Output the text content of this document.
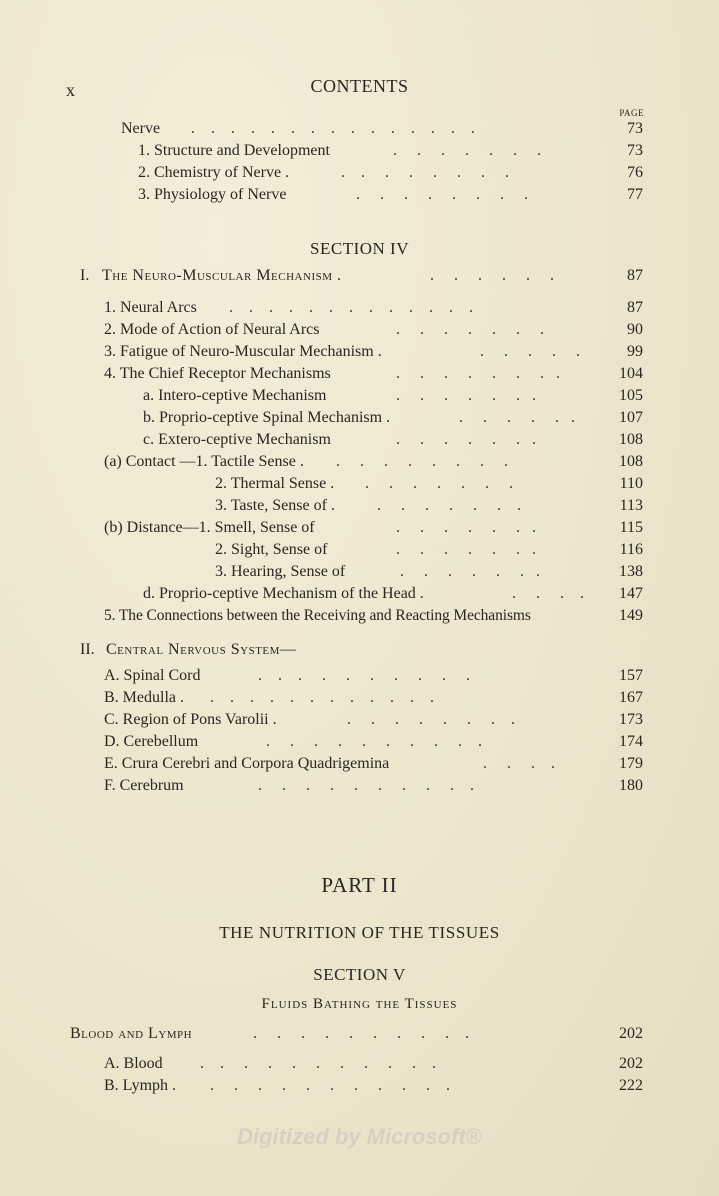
x	CONTENTS
PAGE
Nerve .    .    .    .    .    .    .    .    .    .    .    .    .    .    .	73
1. Structure and Development	.     .     .     .     .     .     .	73
2. Chemistry of Nerve .	.    .     .     .     .     .     .     .	76
3. Physiology of Nerve	.     .     .     .     .     .     .     .	77
SECTION IV
I. The Neuro-Muscular Mechanism .	.     .     .     .     .     .	87
1. Neural Arcs .    .    .    .    .    .    .    .    .    .    .    .    .	87
2. Mode of Action of Neural Arcs	.     .     .     .     .     .     .	90
3. Fatigue of Neuro-Muscular Mechanism .	.     .     .     .     .	99
4. The Chief Receptor Mechanisms	.     .     .     .     .     .     .   .	104
a. Intero-ceptive Mechanism	.     .     .     .     .     .   .	105
b. Proprio-ceptive Spinal Mechanism .	.     .     .     .     .   .	107
c. Extero-ceptive Mechanism	.     .     .     .     .     .   .	108
(a) Contact —1. Tactile Sense . .     .     .     .     .     .     .     .	108
2. Thermal Sense . .     .     .     .     .     .     .	110
3. Taste, Sense of . .     .     .     .     .     .    .	113
(b) Distance—1. Smell, Sense of	.     .     .     .     .     .   .	115
2. Sight, Sense of	.     .     .     .     .     .   .	116
3. Hearing, Sense of	.     .     .     .     .     .   .	138
d. Proprio-ceptive Mechanism of the Head .	.     .     .    .	147
5. The Connections between the Receiving and Reacting Mechanisms	149
II. Central Nervous System—
A. Spinal Cord	.    .    .     .     .     .     .     .     .     .	157
B. Medulla . .    .    .    .    .    .    .    .    .    .    .    .	167
C. Region of Pons Varolii .	.     .     .     .     .     .     .    .	173
D. Cerebellum	.     .     .     .     .     .     .     .     .    .	174
E. Crura Cerebri and Corpora Quadrigemina	.     .     .    .	179
F. Cerebrum	.     .     .     .     .     .     .     .     .    .	180
PART II
THE NUTRITION OF THE TISSUES
SECTION V
Fluids Bathing the Tissues
Blood and Lymph	.     .     .     .     .     .     .     .     .    .	202
A. Blood .    .     .     .     .     .     .     .     .     .    .	202
B. Lymph . .     .     .     .     .     .     .     .     .     .    .	222
Digitized by Microsoft®
